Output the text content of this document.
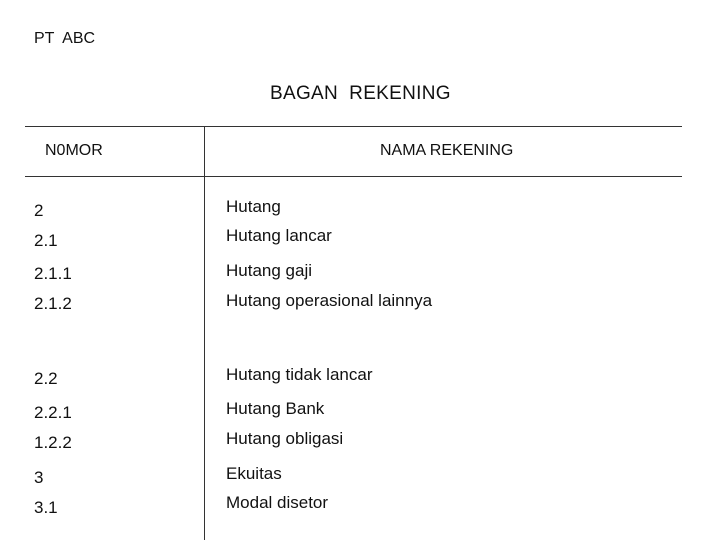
PT  ABC
BAGAN  REKENING
N0MOR	NAMA REKENING
2	Hutang
2.1	Hutang lancar
2.1.1	Hutang gaji
2.1.2	Hutang operasional lainnya
2.2	Hutang tidak lancar
2.2.1	Hutang Bank
1.2.2	Hutang obligasi
3	Ekuitas
3.1	Modal disetor
